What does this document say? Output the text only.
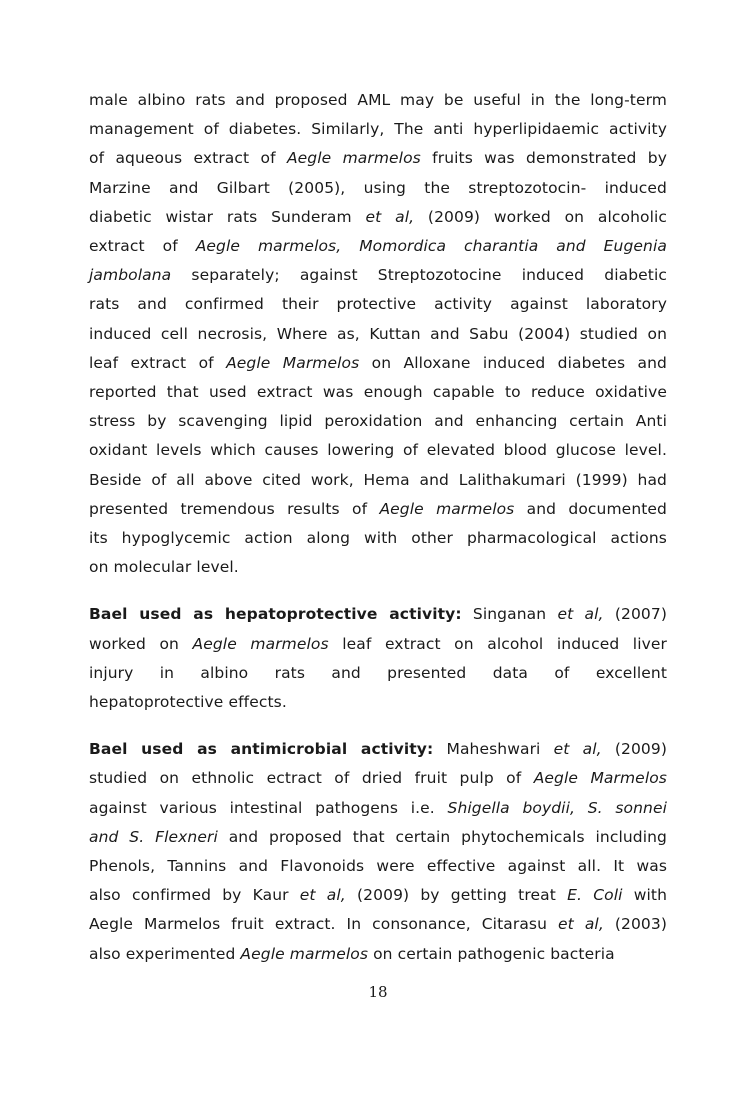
male albino rats and proposed AML may be useful in the long-term
management of diabetes. Similarly, The anti hyperlipidaemic activity
of aqueous extract of Aegle marmelos fruits was demonstrated by
Marzine and Gilbart (2005), using the streptozotocin- induced
diabetic wistar rats Sunderam et al, (2009) worked on alcoholic
extract of Aegle marmelos, Momordica charantia and Eugenia
jambolana separately; against Streptozotocine induced diabetic
rats and confirmed their protective activity against laboratory
induced cell necrosis, Where as, Kuttan and Sabu (2004) studied on
leaf extract of Aegle Marmelos on Alloxane induced diabetes and
reported that used extract was enough capable to reduce oxidative
stress by scavenging lipid peroxidation and enhancing certain Anti
oxidant levels which causes lowering of elevated blood glucose level.
Beside of all above cited work, Hema and Lalithakumari (1999) had
presented tremendous results of Aegle marmelos and documented
its hypoglycemic action along with other pharmacological actions
on molecular level.

Bael used as hepatoprotective activity: Singanan et al, (2007)
worked on Aegle marmelos leaf extract on alcohol induced liver
injury in albino rats and presented data of excellent
hepatoprotective effects.

Bael used as antimicrobial activity: Maheshwari et al, (2009)
studied on ethnolic ectract of dried fruit pulp of Aegle Marmelos
against various intestinal pathogens i.e. Shigella boydii, S. sonnei
and S. Flexneri and proposed that certain phytochemicals including
Phenols, Tannins and Flavonoids were effective against all. It was
also confirmed by Kaur et al, (2009) by getting treat E. Coli with
Aegle Marmelos fruit extract. In consonance, Citarasu et al, (2003)
also experimented Aegle marmelos on certain pathogenic bacteria

18
